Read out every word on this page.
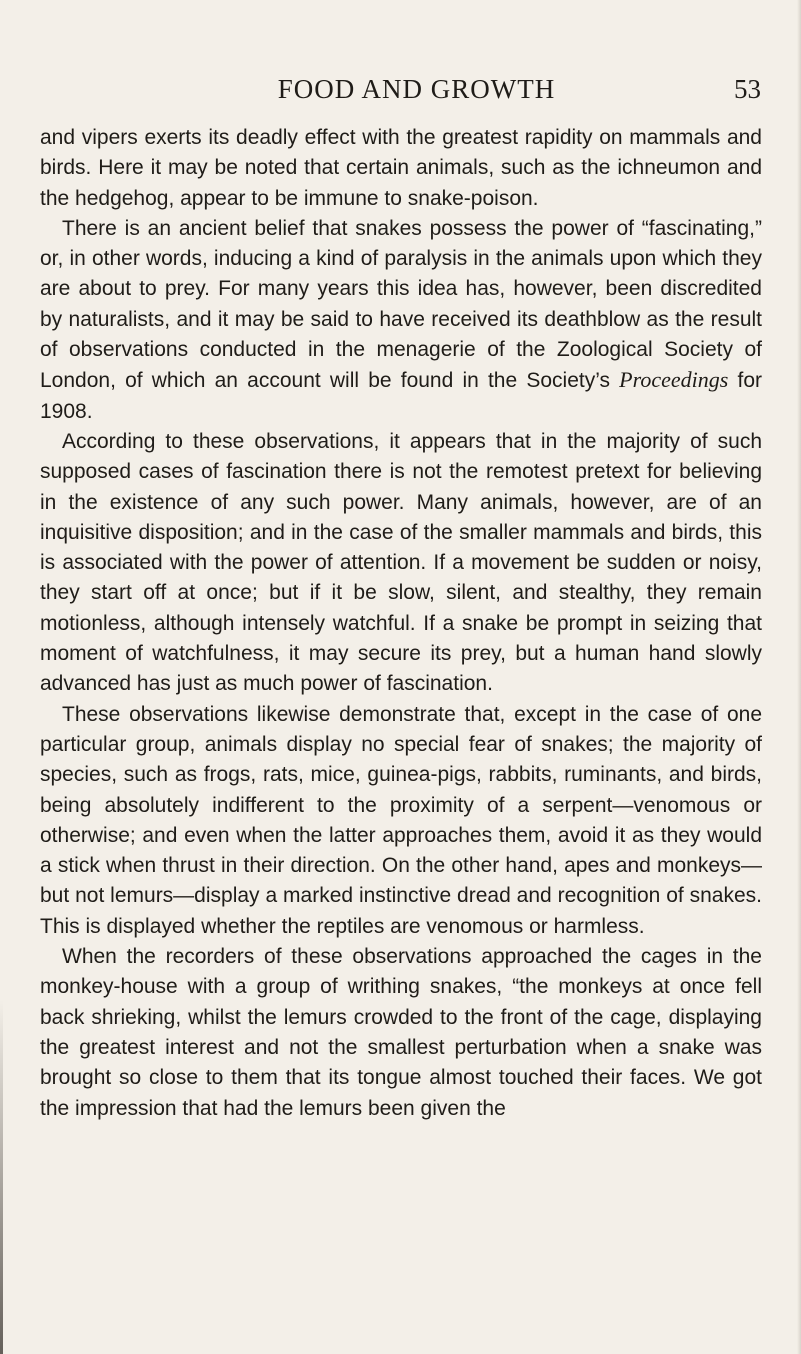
FOOD AND GROWTH	53

and vipers exerts its deadly effect with the greatest rapidity on mammals and birds. Here it may be noted that certain animals, such as the ichneumon and the hedgehog, appear to be immune to snake-poison.

There is an ancient belief that snakes possess the power of “fascinating,” or, in other words, inducing a kind of paralysis in the animals upon which they are about to prey. For many years this idea has, however, been discredited by naturalists, and it may be said to have received its deathblow as the result of observations conducted in the menagerie of the Zoological Society of London, of which an account will be found in the Society’s Proceedings for 1908.

According to these observations, it appears that in the majority of such supposed cases of fascination there is not the remotest pretext for believing in the existence of any such power. Many animals, however, are of an inquisitive disposition; and in the case of the smaller mammals and birds, this is associated with the power of attention. If a movement be sudden or noisy, they start off at once; but if it be slow, silent, and stealthy, they remain motionless, although intensely watchful. If a snake be prompt in seizing that moment of watchfulness, it may secure its prey, but a human hand slowly advanced has just as much power of fascination.

These observations likewise demonstrate that, except in the case of one particular group, animals display no special fear of snakes; the majority of species, such as frogs, rats, mice, guinea-pigs, rabbits, ruminants, and birds, being absolutely indifferent to the proximity of a serpent—venomous or otherwise; and even when the latter approaches them, avoid it as they would a stick when thrust in their direction. On the other hand, apes and monkeys—but not lemurs—display a marked instinctive dread and recognition of snakes. This is displayed whether the reptiles are venomous or harmless.

When the recorders of these observations approached the cages in the monkey-house with a group of writhing snakes, “the monkeys at once fell back shrieking, whilst the lemurs crowded to the front of the cage, displaying the greatest interest and not the smallest perturbation when a snake was brought so close to them that its tongue almost touched their faces. We got the impression that had the lemurs been given the
